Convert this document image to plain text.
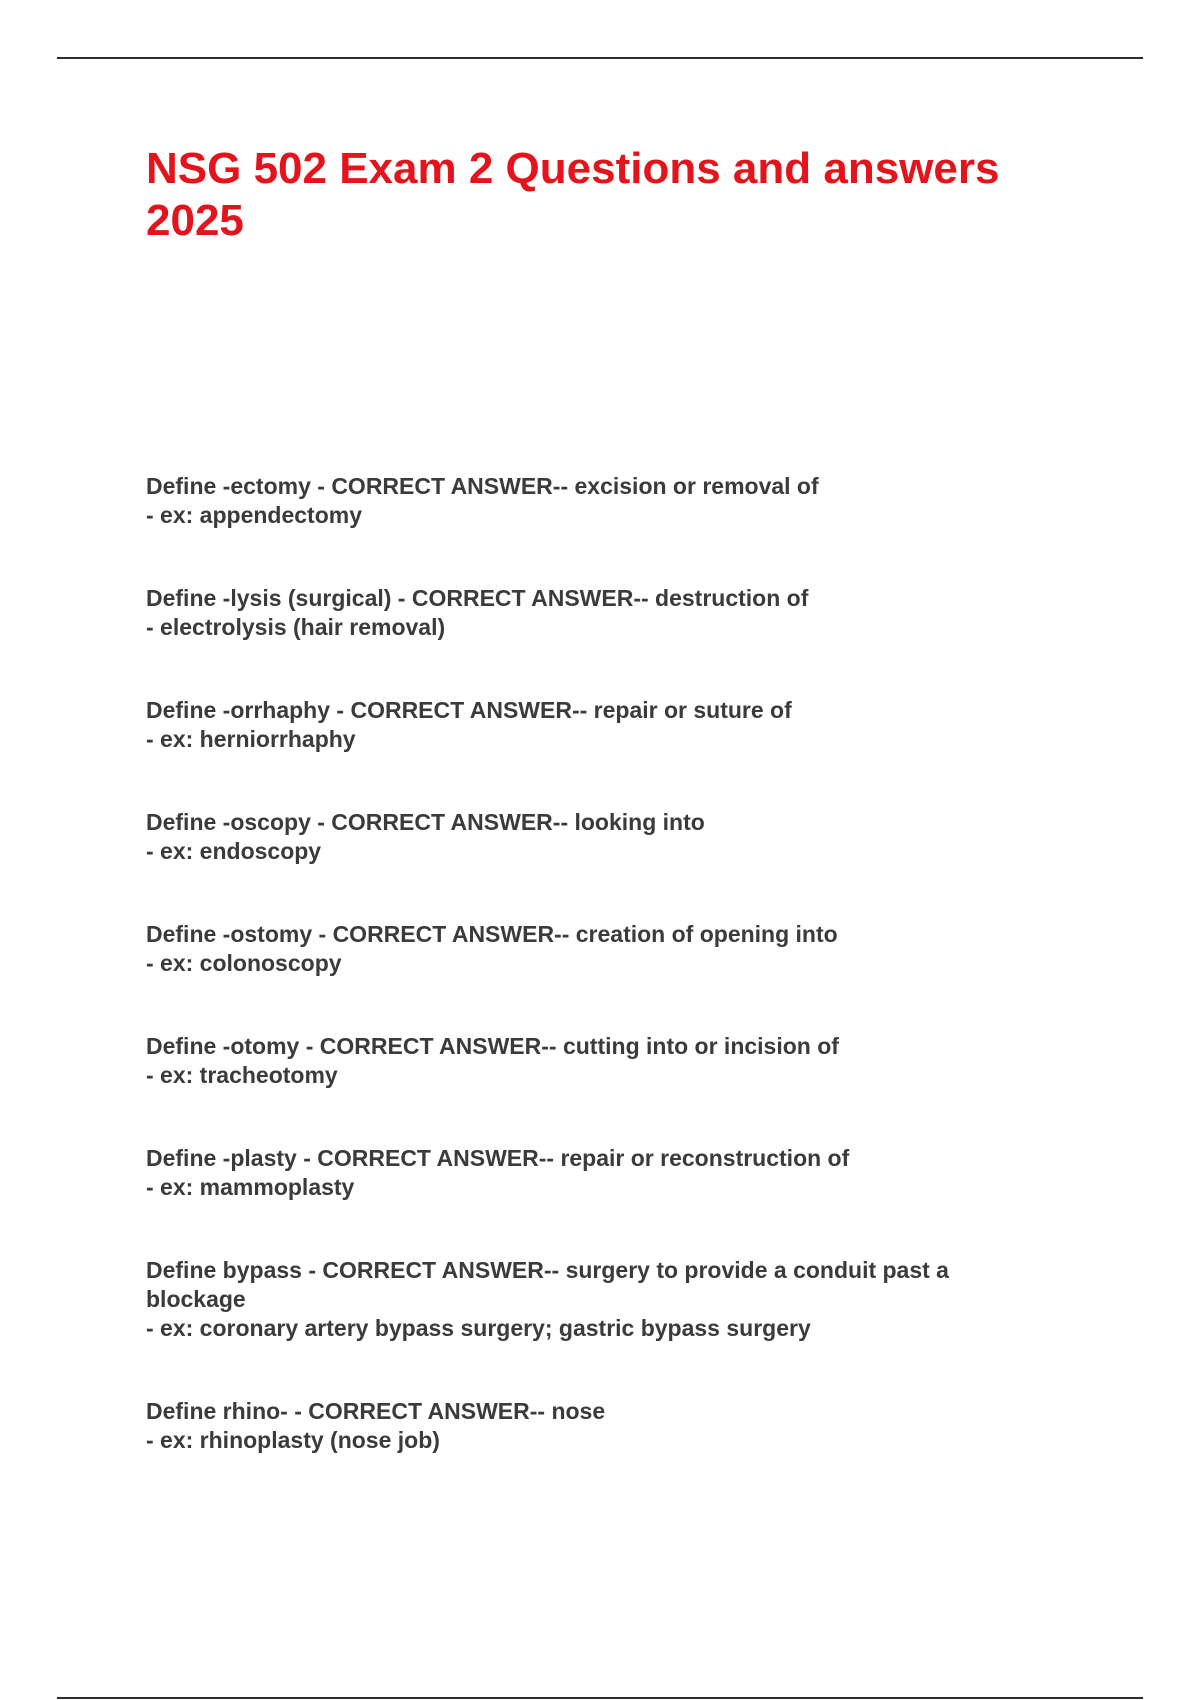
NSG 502 Exam 2 Questions and answers 2025
Define -ectomy - CORRECT ANSWER-- excision or removal of
- ex: appendectomy
Define -lysis (surgical) - CORRECT ANSWER-- destruction of
- electrolysis (hair removal)
Define -orrhaphy - CORRECT ANSWER-- repair or suture of
- ex: herniorrhaphy
Define -oscopy - CORRECT ANSWER-- looking into
- ex: endoscopy
Define -ostomy - CORRECT ANSWER-- creation of opening into
- ex: colonoscopy
Define -otomy - CORRECT ANSWER-- cutting into or incision of
- ex: tracheotomy
Define -plasty - CORRECT ANSWER-- repair or reconstruction of
- ex: mammoplasty
Define bypass - CORRECT ANSWER-- surgery to provide a conduit past a blockage
- ex: coronary artery bypass surgery; gastric bypass surgery
Define rhino- - CORRECT ANSWER-- nose
- ex: rhinoplasty (nose job)
